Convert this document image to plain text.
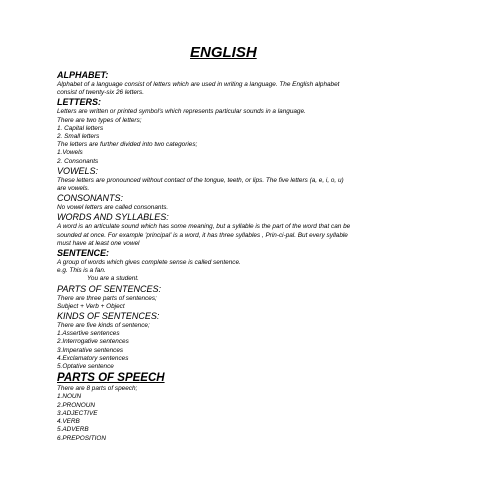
ENGLISH
ALPHABET:
Alphabet of a language consist of letters which are used in writing a language. The English alphabet
consist of twenty-six 26 letters.
LETTERS:
Letters are written or printed symbol's which represents particular sounds in a language.
There are two types of letters;
1. Capital letters
2. Small letters
The letters are further divided into two categories;
1.Vowels
2. Consonants
VOWELS:
These letters are pronounced without contact of the tongue, teeth, or lips. The five letters (a, e, i, o, u)
are vowels.
CONSONANTS:
No vowel letters are called consonants.
WORDS AND SYLLABLES:
A word is an articulate sound which has some meaning, but a syllable is the part of the word that can be
sounded at once. For example 'principal' is a word, it has three syllables , Prin-ci-pal. But every syllable
must have at least one vowel
SENTENCE:
A group of words which gives complete sense is called sentence.
e.g. This is a fan.
You are a student.
PARTS OF SENTENCES:
There are three parts of sentences;
Subject + Verb + Object
KINDS OF SENTENCES:
There are five kinds of sentence;
1.Assertive sentences
2.Interrogative sentences
3.Imperative sentences
4.Exclamatory sentences
5.Optative sentence
PARTS OF SPEECH
There are 8 parts of speech;
1.NOUN
2.PRONOUN
3.ADJECTIVE
4.VERB
5.ADVERB
6.PREPOSITION
